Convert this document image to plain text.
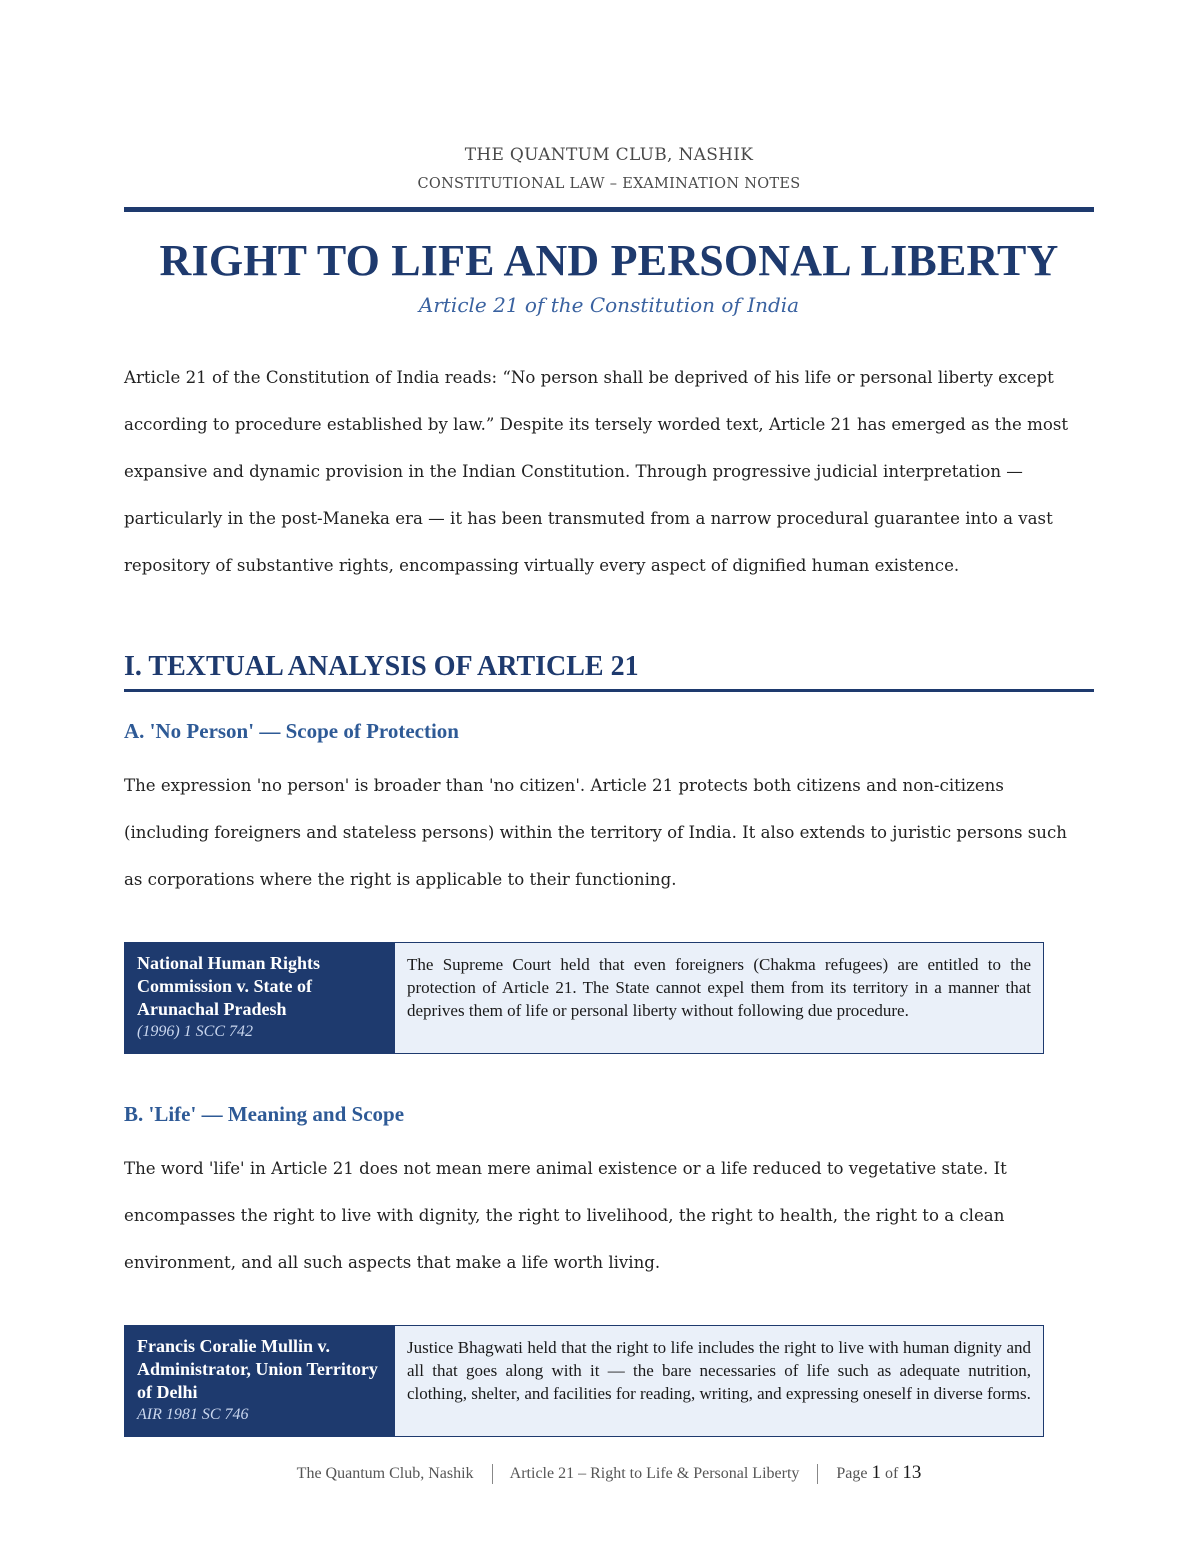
THE QUANTUM CLUB, NASHIK
CONSTITUTIONAL LAW – EXAMINATION NOTES
RIGHT TO LIFE AND PERSONAL LIBERTY
Article 21 of the Constitution of India
Article 21 of the Constitution of India reads: “No person shall be deprived of his life or personal liberty except
according to procedure established by law.” Despite its tersely worded text, Article 21 has emerged as the most
expansive and dynamic provision in the Indian Constitution. Through progressive judicial interpretation —
particularly in the post-Maneka era — it has been transmuted from a narrow procedural guarantee into a vast
repository of substantive rights, encompassing virtually every aspect of dignified human existence.
I. TEXTUAL ANALYSIS OF ARTICLE 21
A. 'No Person' — Scope of Protection
The expression 'no person' is broader than 'no citizen'. Article 21 protects both citizens and non-citizens
(including foreigners and stateless persons) within the territory of India. It also extends to juristic persons such
as corporations where the right is applicable to their functioning.
National Human Rights Commission v. State of Arunachal Pradesh
(1996) 1 SCC 742
The Supreme Court held that even foreigners (Chakma refugees) are entitled to the protection of Article 21. The State cannot expel them from its territory in a manner that deprives them of life or personal liberty without following due procedure.
B. 'Life' — Meaning and Scope
The word 'life' in Article 21 does not mean mere animal existence or a life reduced to vegetative state. It
encompasses the right to live with dignity, the right to livelihood, the right to health, the right to a clean
environment, and all such aspects that make a life worth living.
Francis Coralie Mullin v. Administrator, Union Territory of Delhi
AIR 1981 SC 746
Justice Bhagwati held that the right to life includes the right to live with human dignity and all that goes along with it — the bare necessaries of life such as adequate nutrition, clothing, shelter, and facilities for reading, writing, and expressing oneself in diverse forms.
The Quantum Club, Nashik Article 21 – Right to Life & Personal Liberty Page 1 of 13
